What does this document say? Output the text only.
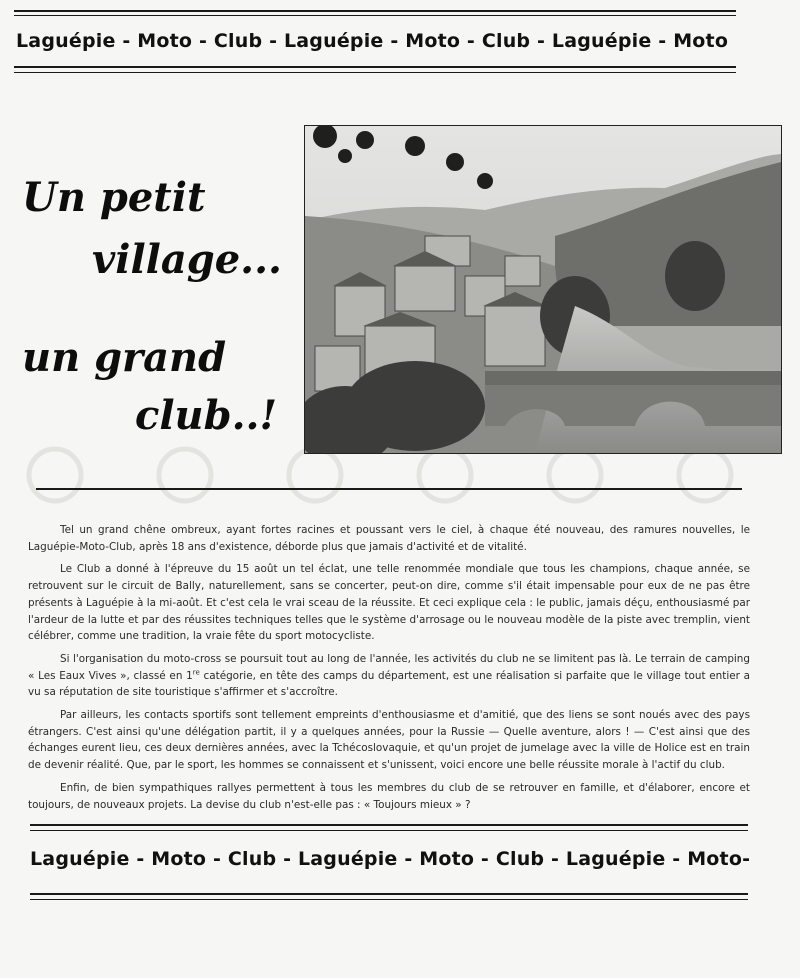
Laguépie - Moto - Club - Laguépie - Moto - Club - Laguépie - Moto
Un petit
village...
un grand
club..!

Tel un grand chêne ombreux, ayant fortes racines et poussant vers le ciel, à chaque été nouveau, des ramures nouvelles, le Laguépie-Moto-Club, après 18 ans d'existence, déborde plus que jamais d'activité et de vitalité.

Le Club a donné à l'épreuve du 15 août un tel éclat, une telle renommée mondiale que tous les champions, chaque année, se retrouvent sur le circuit de Bally, naturellement, sans se concerter, peut-on dire, comme s'il était impensable pour eux de ne pas être présents à Laguépie à la mi-août. Et c'est cela le vrai sceau de la réussite. Et ceci explique cela : le public, jamais déçu, enthousiasmé par l'ardeur de la lutte et par des réussites techniques telles que le système d'arrosage ou le nouveau modèle de la piste avec tremplin, vient célébrer, comme une tradition, la vraie fête du sport motocycliste.

Si l'organisation du moto-cross se poursuit tout au long de l'année, les activités du club ne se limitent pas là. Le terrain de camping « Les Eaux Vives », classé en 1re catégorie, en tête des camps du département, est une réalisation si parfaite que le village tout entier a vu sa réputation de site touristique s'affirmer et s'accroître.

Par ailleurs, les contacts sportifs sont tellement empreints d'enthousiasme et d'amitié, que des liens se sont noués avec des pays étrangers. C'est ainsi qu'une délégation partit, il y a quelques années, pour la Russie — Quelle aventure, alors ! — C'est ainsi que des échanges eurent lieu, ces deux dernières années, avec la Tchécoslovaquie, et qu'un projet de jumelage avec la ville de Holice est en train de devenir réalité. Que, par le sport, les hommes se connaissent et s'unissent, voici encore une belle réussite morale à l'actif du club.

Enfin, de bien sympathiques rallyes permettent à tous les membres du club de se retrouver en famille, et d'élaborer, encore et toujours, de nouveaux projets. La devise du club n'est-elle pas : « Toujours mieux » ?

Laguépie - Moto - Club - Laguépie - Moto - Club - Laguépie - Moto-
